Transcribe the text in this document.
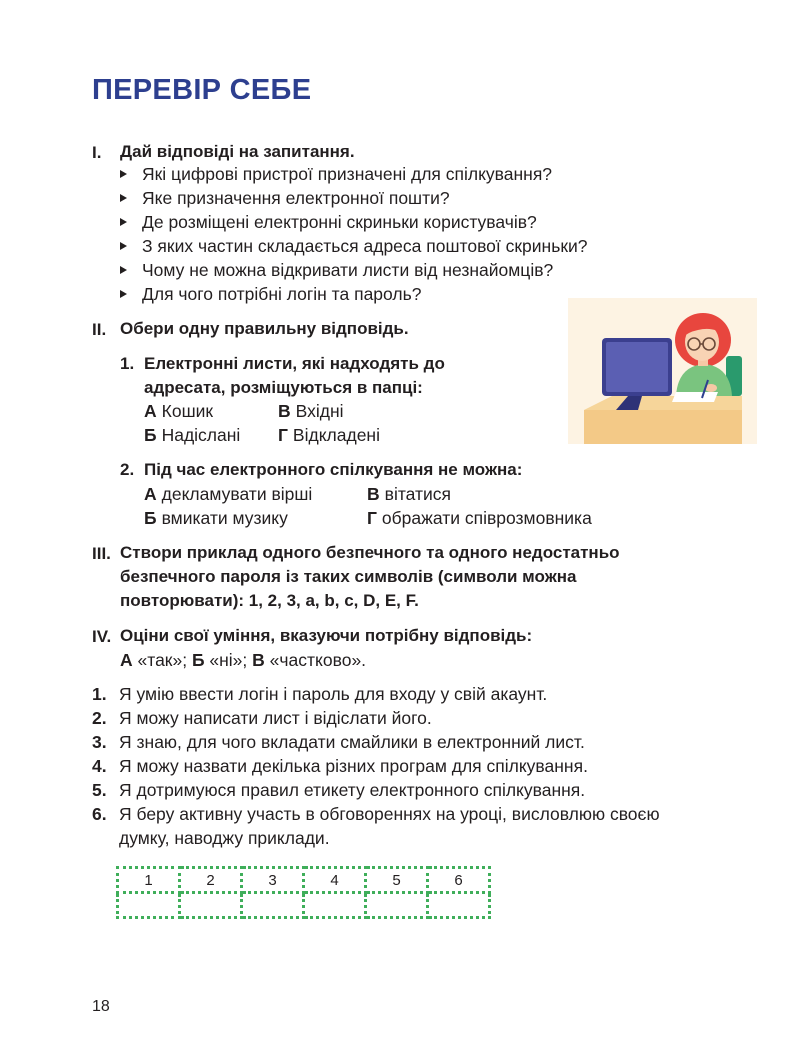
ПЕРЕВІР СЕБЕ
I. Дай відповіді на запитання.
Які цифрові пристрої призначені для спілкування?
Яке призначення електронної пошти?
Де розміщені електронні скриньки користувачів?
З яких частин складається адреса поштової скриньки?
Чому не можна відкривати листи від незнайомців?
Для чого потрібні логін та пароль?
II. Обери одну правильну відповідь.
1. Електронні листи, які надходять до
адресата, розміщуються в папці:
А Кошик	В Вхідні
Б Надіслані Г Відкладені
2. Під час електронного спілкування не можна:
А декламувати вірші	В вітатися
Б вмикати музику	Г ображати співрозмовника
III. Створи приклад одного безпечного та одного недостатньо
безпечного пароля із таких символів (символи можна
повторювати): 1, 2, 3, a, b, c, D, E, F.
IV. Оціни свої уміння, вказуючи потрібну відповідь:
А «так»; Б «ні»; В «частково».
1. Я умію ввести логін і пароль для входу у свій акаунт.
2. Я можу написати лист і відіслати його.
3. Я знаю, для чого вкладати смайлики в електронний лист.
4. Я можу назвати декілька різних програм для спілкування.
5. Я дотримуюся правил етикету електронного спілкування.
6. Я беру активну участь в обговореннях на уроці, висловлюю своєю думку, наводжу приклади.
1	2	3	4	5	6

18
